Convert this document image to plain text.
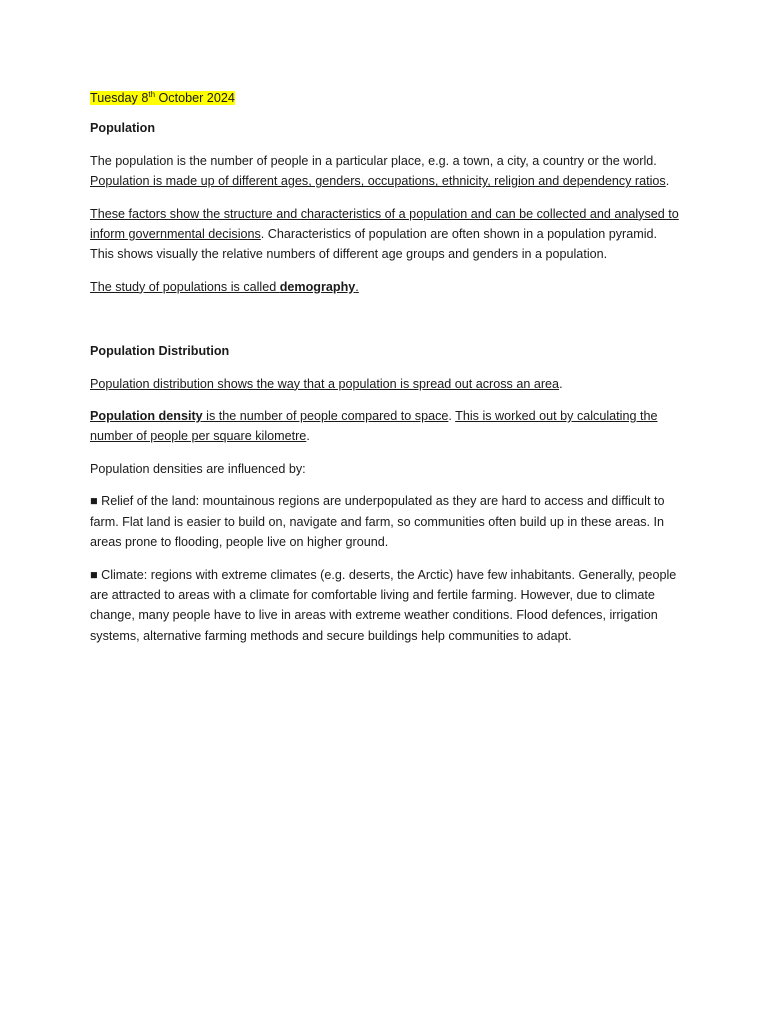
Tuesday 8th October 2024

Population

The population is the number of people in a particular place, e.g. a town, a city, a country or the world. Population is made up of different ages, genders, occupations, ethnicity, religion and dependency ratios.

These factors show the structure and characteristics of a population and can be collected and analysed to inform governmental decisions. Characteristics of population are often shown in a population pyramid. This shows visually the relative numbers of different age groups and genders in a population.

The study of populations is called demography.

Population Distribution

Population distribution shows the way that a population is spread out across an area.

Population density is the number of people compared to space. This is worked out by calculating the number of people per square kilometre.

Population densities are influenced by:

■ Relief of the land: mountainous regions are underpopulated as they are hard to access and difficult to farm. Flat land is easier to build on, navigate and farm, so communities often build up in these areas. In areas prone to flooding, people live on higher ground.

■ Climate: regions with extreme climates (e.g. deserts, the Arctic) have few inhabitants. Generally, people are attracted to areas with a climate for comfortable living and fertile farming. However, due to climate change, many people have to live in areas with extreme weather conditions. Flood defences, irrigation systems, alternative farming methods and secure buildings help communities to adapt.
